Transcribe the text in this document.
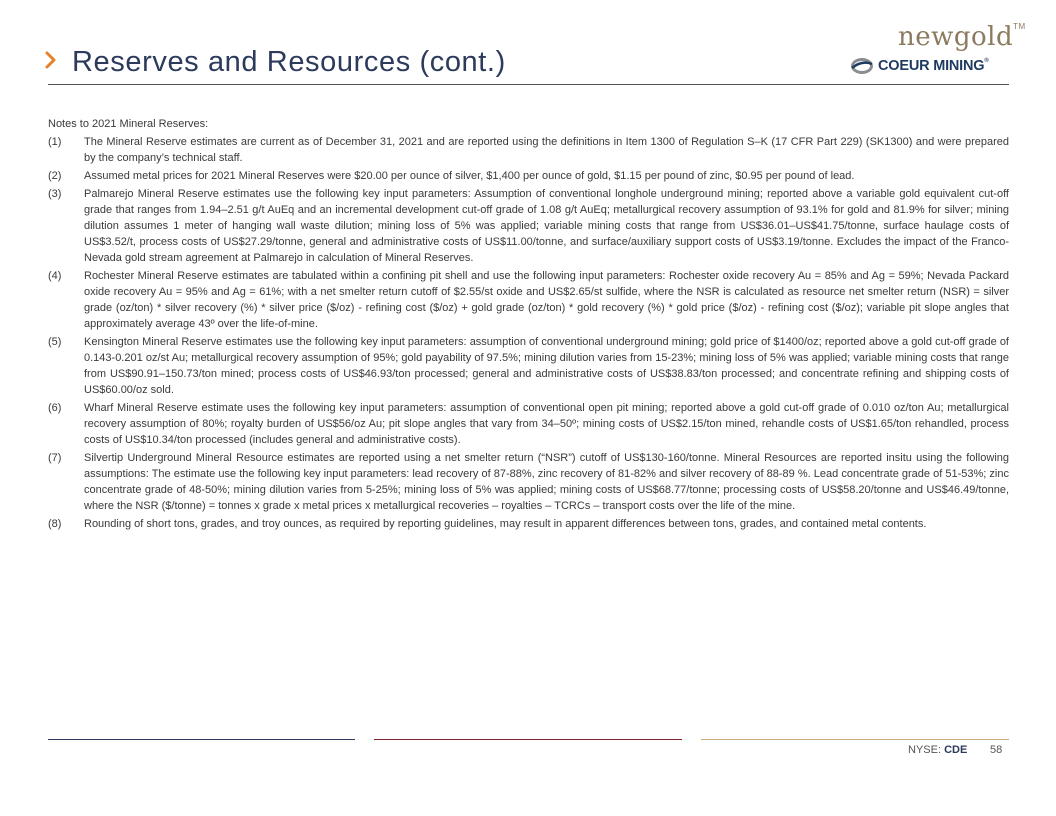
Reserves and Resources (cont.)
newgold™
COEUR MINING®

Notes to 2021 Mineral Reserves:

(1)	The Mineral Reserve estimates are current as of December 31, 2021 and are reported using the definitions in Item 1300 of Regulation S–K (17 CFR Part 229) (SK1300) and were prepared by the company’s technical staff.
(2)	Assumed metal prices for 2021 Mineral Reserves were $20.00 per ounce of silver, $1,400 per ounce of gold, $1.15 per pound of zinc, $0.95 per pound of lead.
(3)	Palmarejo Mineral Reserve estimates use the following key input parameters: Assumption of conventional longhole underground mining; reported above a variable gold equivalent cut-off grade that ranges from 1.94–2.51 g/t AuEq and an incremental development cut-off grade of 1.08 g/t AuEq; metallurgical recovery assumption of 93.1% for gold and 81.9% for silver; mining dilution assumes 1 meter of hanging wall waste dilution; mining loss of 5% was applied; variable mining costs that range from US$36.01–US$41.75/tonne, surface haulage costs of US$3.52/t, process costs of US$27.29/tonne, general and administrative costs of US$11.00/tonne, and surface/auxiliary support costs of US$3.19/tonne. Excludes the impact of the Franco-Nevada gold stream agreement at Palmarejo in calculation of Mineral Reserves.
(4)	Rochester Mineral Reserve estimates are tabulated within a confining pit shell and use the following input parameters: Rochester oxide recovery Au = 85% and Ag = 59%; Nevada Packard oxide recovery Au = 95% and Ag = 61%; with a net smelter return cutoff of $2.55/st oxide and US$2.65/st sulfide, where the NSR is calculated as resource net smelter return (NSR) = silver grade (oz/ton) * silver recovery (%) * silver price ($/oz) - refining cost ($/oz) + gold grade (oz/ton) * gold recovery (%) * gold price ($/oz) - refining cost ($/oz); variable pit slope angles that approximately average 43º over the life-of-mine.
(5)	Kensington Mineral Reserve estimates use the following key input parameters: assumption of conventional underground mining; gold price of $1400/oz; reported above a gold cut-off grade of 0.143-0.201 oz/st Au; metallurgical recovery assumption of 95%; gold payability of 97.5%; mining dilution varies from 15-23%; mining loss of 5% was applied; variable mining costs that range from US$90.91–150.73/ton mined; process costs of US$46.93/ton processed; general and administrative costs of US$38.83/ton processed; and concentrate refining and shipping costs of US$60.00/oz sold.
(6)	Wharf Mineral Reserve estimate uses the following key input parameters: assumption of conventional open pit mining; reported above a gold cut-off grade of 0.010 oz/ton Au; metallurgical recovery assumption of 80%; royalty burden of US$56/oz Au; pit slope angles that vary from 34–50º; mining costs of US$2.15/ton mined, rehandle costs of US$1.65/ton rehandled, process costs of US$10.34/ton processed (includes general and administrative costs).
(7)	Silvertip Underground Mineral Resource estimates are reported using a net smelter return (“NSR”) cutoff of US$130-160/tonne. Mineral Resources are reported insitu using the following assumptions: The estimate use the following key input parameters: lead recovery of 87-88%, zinc recovery of 81-82% and silver recovery of 88-89 %. Lead concentrate grade of 51-53%; zinc concentrate grade of 48-50%; mining dilution varies from 5-25%; mining loss of 5% was applied; mining costs of US$68.77/tonne; processing costs of US$58.20/tonne and US$46.49/tonne, where the NSR ($/tonne) = tonnes x grade x metal prices x metallurgical recoveries – royalties – TCRCs – transport costs over the life of the mine.
(8)	Rounding of short tons, grades, and troy ounces, as required by reporting guidelines, may result in apparent differences between tons, grades, and contained metal contents.
NYSE: CDE 58
